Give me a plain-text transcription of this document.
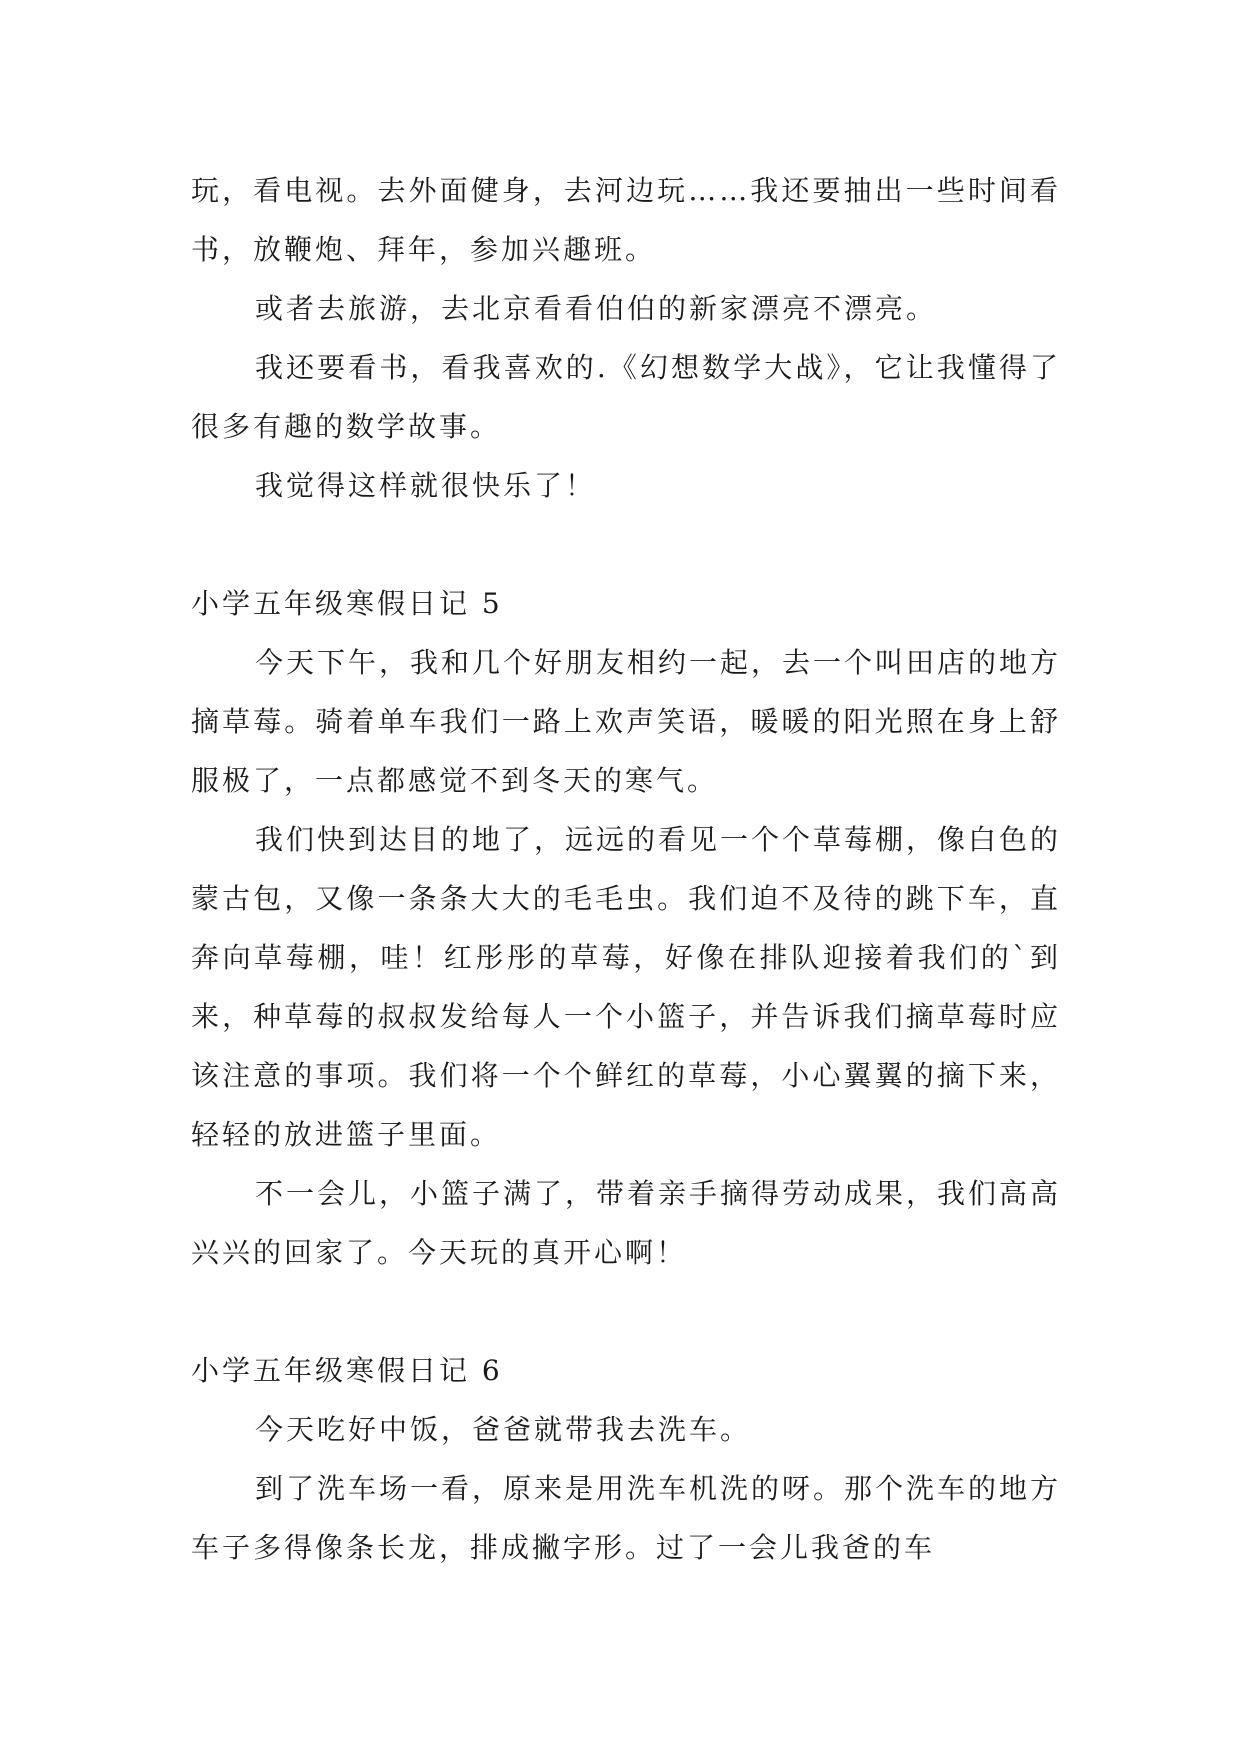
玩，看电视。去外面健身，去河边玩……我还要抽出一些时间看书，放鞭炮、拜年，参加兴趣班。

或者去旅游，去北京看看伯伯的新家漂亮不漂亮。

我还要看书，看我喜欢的.《幻想数学大战》，它让我懂得了很多有趣的数学故事。

我觉得这样就很快乐了！

小学五年级寒假日记 5

今天下午，我和几个好朋友相约一起，去一个叫田店的地方摘草莓。骑着单车我们一路上欢声笑语，暖暖的阳光照在身上舒服极了，一点都感觉不到冬天的寒气。

我们快到达目的地了，远远的看见一个个草莓棚，像白色的蒙古包，又像一条条大大的毛毛虫。我们迫不及待的跳下车，直奔向草莓棚，哇！红彤彤的草莓，好像在排队迎接着我们的`到来，种草莓的叔叔发给每人一个小篮子，并告诉我们摘草莓时应该注意的事项。我们将一个个鲜红的草莓，小心翼翼的摘下来，轻轻的放进篮子里面。

不一会儿，小篮子满了，带着亲手摘得劳动成果，我们高高兴兴的回家了。今天玩的真开心啊！

小学五年级寒假日记 6

今天吃好中饭，爸爸就带我去洗车。

到了洗车场一看，原来是用洗车机洗的呀。那个洗车的地方车子多得像条长龙，排成撇字形。过了一会儿我爸的车
